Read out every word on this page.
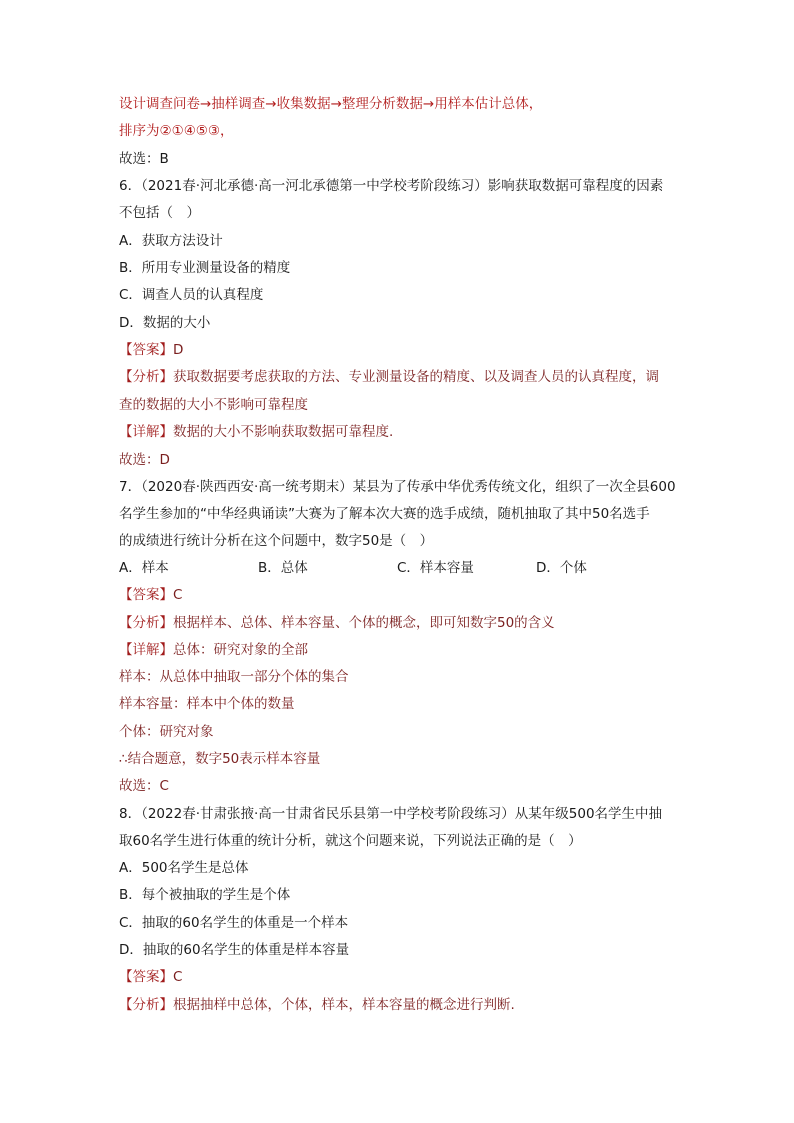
设计调查问卷→抽样调查→收集数据→整理分析数据→用样本估计总体，
排序为②①④⑤③，
故选：B
6．（2021春·河北承德·高一河北承德第一中学校考阶段练习）影响获取数据可靠程度的因素
不包括（　）
A．获取方法设计
B．所用专业测量设备的精度
C．调查人员的认真程度
D．数据的大小
【答案】D
【分析】获取数据要考虑获取的方法、专业测量设备的精度、以及调查人员的认真程度，调
查的数据的大小不影响可靠程度
【详解】数据的大小不影响获取数据可靠程度.
故选：D
7．（2020春·陕西西安·高一统考期末）某县为了传承中华优秀传统文化，组织了一次全县600
名学生参加的“中华经典诵读”大赛为了解本次大赛的选手成绩，随机抽取了其中50名选手
的成绩进行统计分析在这个问题中，数字50是（　）
A．样本	B．总体	C．样本容量	D．个体
【答案】C
【分析】根据样本、总体、样本容量、个体的概念，即可知数字50的含义
【详解】总体：研究对象的全部
样本：从总体中抽取一部分个体的集合
样本容量：样本中个体的数量
个体：研究对象
∴结合题意，数字50表示样本容量
故选：C
8．（2022春·甘肃张掖·高一甘肃省民乐县第一中学校考阶段练习）从某年级500名学生中抽
取60名学生进行体重的统计分析，就这个问题来说，下列说法正确的是（　）
A．500名学生是总体
B．每个被抽取的学生是个体
C．抽取的60名学生的体重是一个样本
D．抽取的60名学生的体重是样本容量
【答案】C
【分析】根据抽样中总体，个体，样本，样本容量的概念进行判断.
